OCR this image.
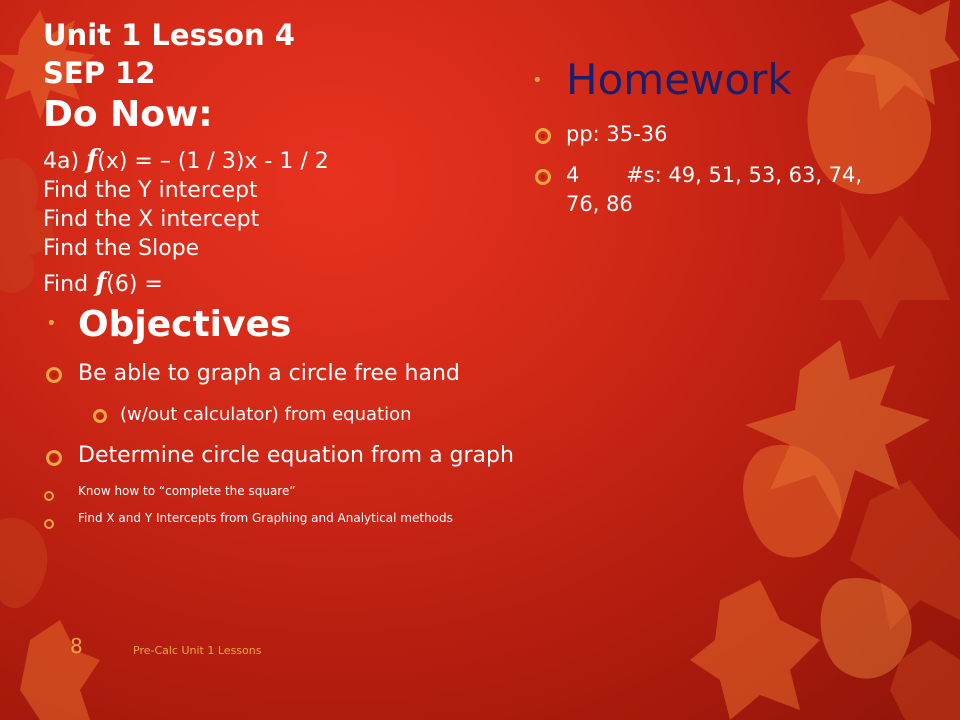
Unit 1 Lesson 4
SEP 12
Do Now:
4a) f(x) = – (1 / 3)x - 1 / 2
Find the Y intercept
Find the X intercept
Find the Slope
Find f(6) =
• Objectives
Be able to graph a circle free hand
(w/out calculator) from equation
Determine circle equation from a graph
Know how to “complete the square”
Find X and Y Intercepts from Graphing and Analytical methods
• Homework
pp: 35-36
4       #s: 49, 51, 53, 63, 74,
76, 86
8	Pre-Calc Unit 1 Lessons
